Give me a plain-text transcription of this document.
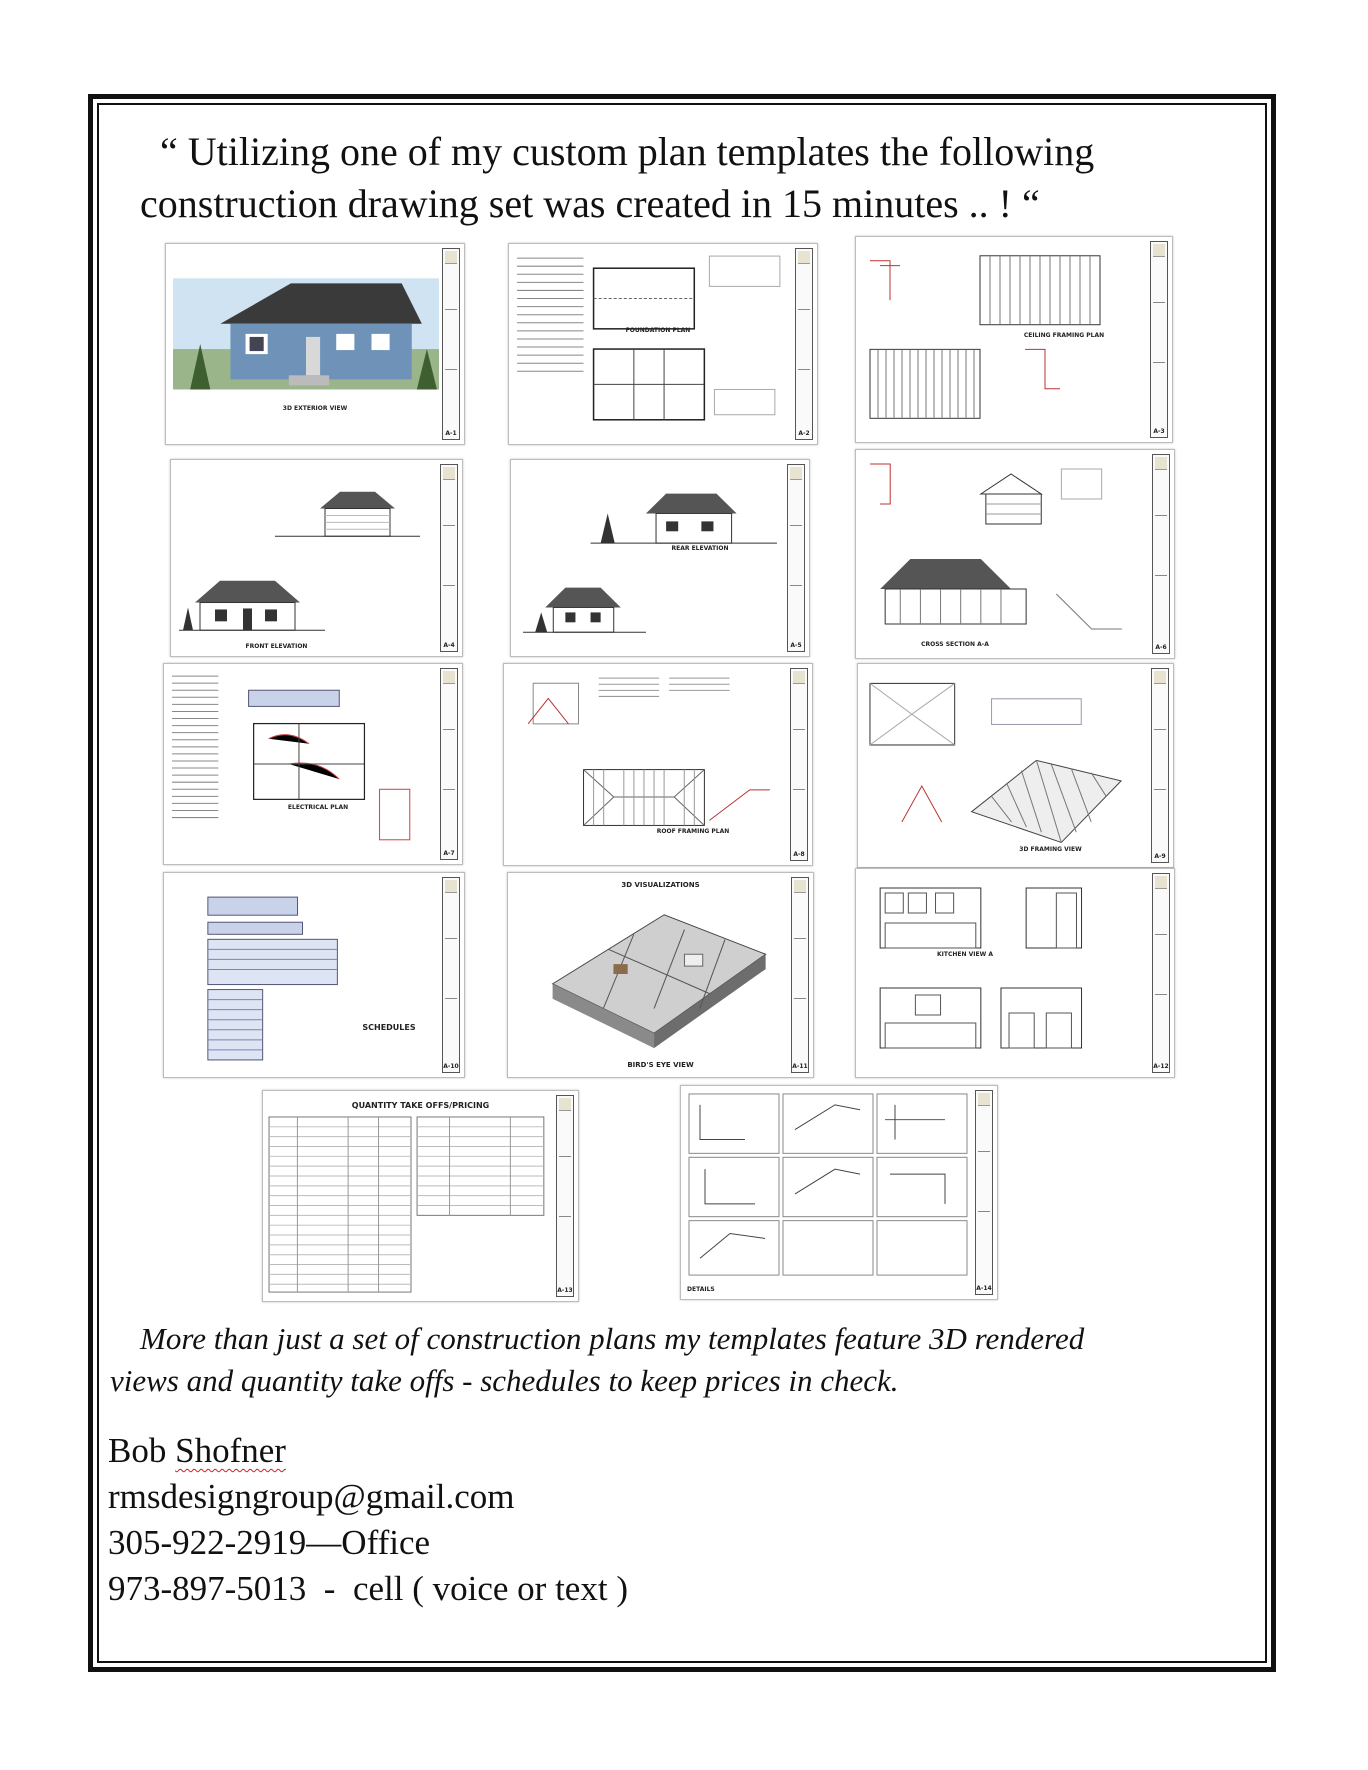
“ Utilizing one of my custom plan templates the following
construction drawing set was created in 15 minutes .. ! “
3D EXTERIOR VIEW
A-1
FOUNDATION PLAN
A-2
CEILING FRAMING PLAN
A-3
FRONT ELEVATION	A-4
REAR ELEVATION
A-5	CROSS SECTION A-A	A-6
ELECTRICAL PLAN
A-7
ROOF FRAMING PLAN
A-8
3D FRAMING VIEW
A-9
SCHEDULES
A-10
3D VISUALIZATIONS
BIRD'S EYE VIEW	A-11
KITCHEN VIEW A
A-12
QUANTITY TAKE OFFS/PRICING
A-13	DETAILS	A-14
More than just a set of construction plans my templates feature 3D rendered
views and quantity take offs - schedules to keep prices in check.
Bob Shofner
rmsdesigngroup@gmail.com
305-922-2919—Office
973-897-5013  -  cell ( voice or text )
